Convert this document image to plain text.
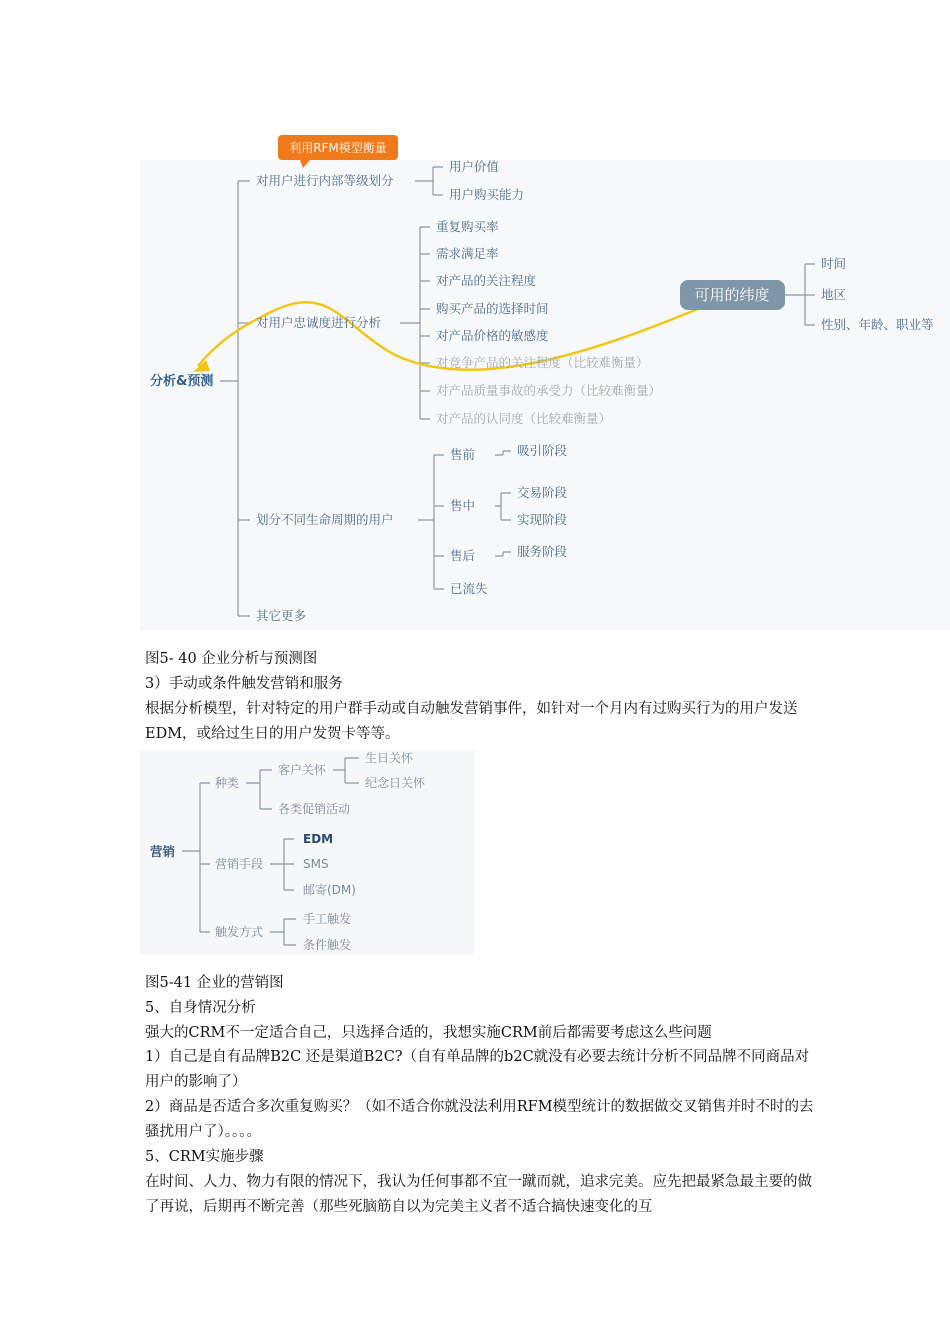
利用RFM模型衡量
分析&预测
对用户进行内部等级划分
对用户忠诚度进行分析
划分不同生命周期的用户
其它更多
用户价值
用户购买能力
重复购买率
需求满足率
对产品的关注程度
购买产品的选择时间
对产品价格的敏感度
对竞争产品的关注程度（比较难衡量）
对产品质量事故的承受力（比较难衡量）
对产品的认同度（比较难衡量）
可用的纬度
时间
地区
性别、年龄、职业等
售前	吸引阶段
售中
交易阶段
实现阶段
售后	服务阶段
已流失

图5- 40 企业分析与预测图

3）手动或条件触发营销和服务

根据分析模型，针对特定的用户群手动或自动触发营销事件，如针对一个月内有过购买行为的用户发送EDM，或给过生日的用户发贺卡等等。

营销
种类
客户关怀
生日关怀
纪念日关怀
各类促销活动
营销手段
EDM
SMS
邮寄(DM)
触发方式
手工触发
条件触发

图5-41 企业的营销图

5、自身情况分析

强大的CRM不一定适合自己，只选择合适的，我想实施CRM前后都需要考虑这么些问题

1）自己是自有品牌B2C 还是渠道B2C?（自有单品牌的b2C就没有必要去统计分析不同品牌不同商品对用户的影响了）

2）商品是否适合多次重复购买？（如不适合你就没法利用RFM模型统计的数据做交叉销售并时不时的去骚扰用户了）。。。。

5、CRM实施步骤

在时间、人力、物力有限的情况下，我认为任何事都不宜一蹴而就，追求完美。应先把最紧急最主要的做了再说，后期再不断完善（那些死脑筋自以为完美主义者不适合搞快速变化的互
